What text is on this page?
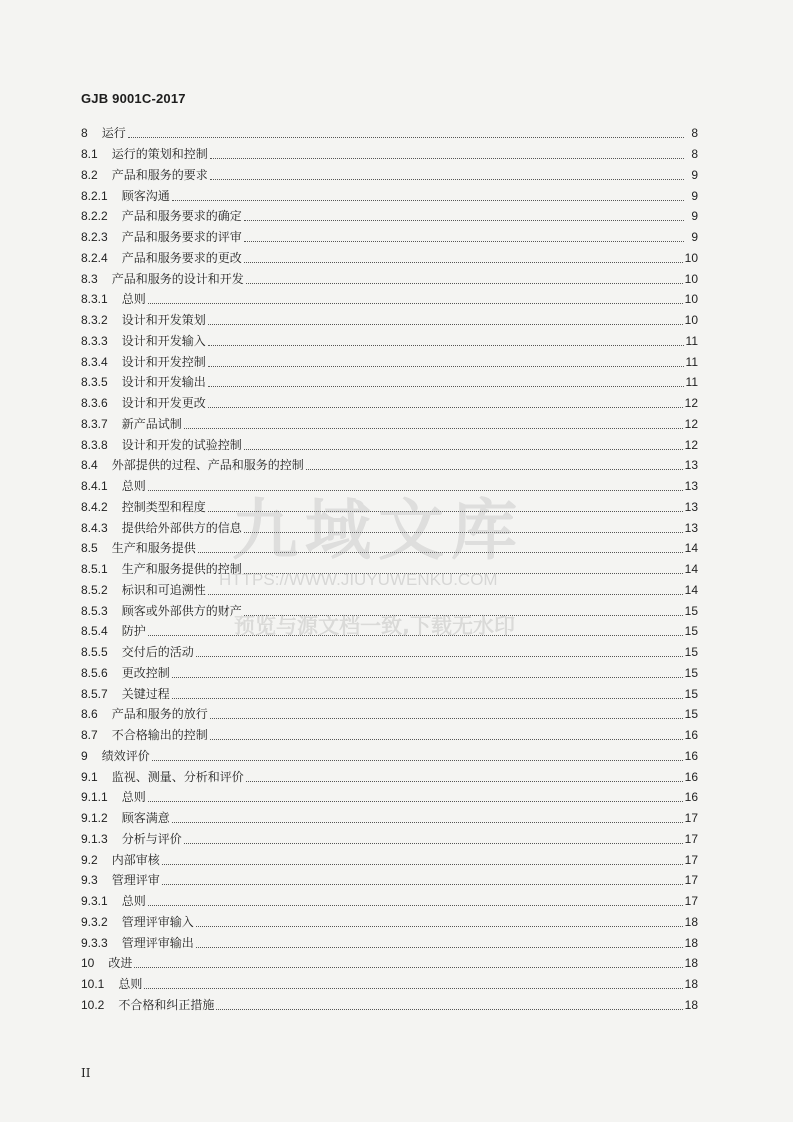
GJB 9001C-2017
8 运行	8
8.1 运行的策划和控制	8
8.2 产品和服务的要求	9
8.2.1 顾客沟通	9
8.2.2 产品和服务要求的确定	9
8.2.3 产品和服务要求的评审	9
8.2.4 产品和服务要求的更改	10
8.3 产品和服务的设计和开发	10
8.3.1 总则	10
8.3.2 设计和开发策划	10
8.3.3 设计和开发输入	11
8.3.4 设计和开发控制	11
8.3.5 设计和开发输出	11
8.3.6 设计和开发更改	12
8.3.7 新产品试制	12
8.3.8 设计和开发的试验控制	12
8.4 外部提供的过程、产品和服务的控制	13
8.4.1 总则	13
8.4.2 控制类型和程度	13
8.4.3 提供给外部供方的信息	13
8.5 生产和服务提供	14
8.5.1 生产和服务提供的控制	14
8.5.2 标识和可追溯性	14
8.5.3 顾客或外部供方的财产	15
8.5.4 防护	15
8.5.5 交付后的活动	15
8.5.6 更改控制	15
8.5.7 关键过程	15
8.6 产品和服务的放行	15
8.7 不合格输出的控制	16
9 绩效评价	16
9.1 监视、测量、分析和评价	16
9.1.1 总则	16
9.1.2 顾客满意	17
9.1.3 分析与评价	17
9.2 内部审核	17
9.3 管理评审	17
9.3.1 总则	17
9.3.2 管理评审输入	18
9.3.3 管理评审输出	18
10 改进	18
10.1 总则	18
10.2 不合格和纠正措施	18
九域文库
HTTPS://WWW.JIUYUWENKU.COM
预览与源文档一致,下载无水印
II
